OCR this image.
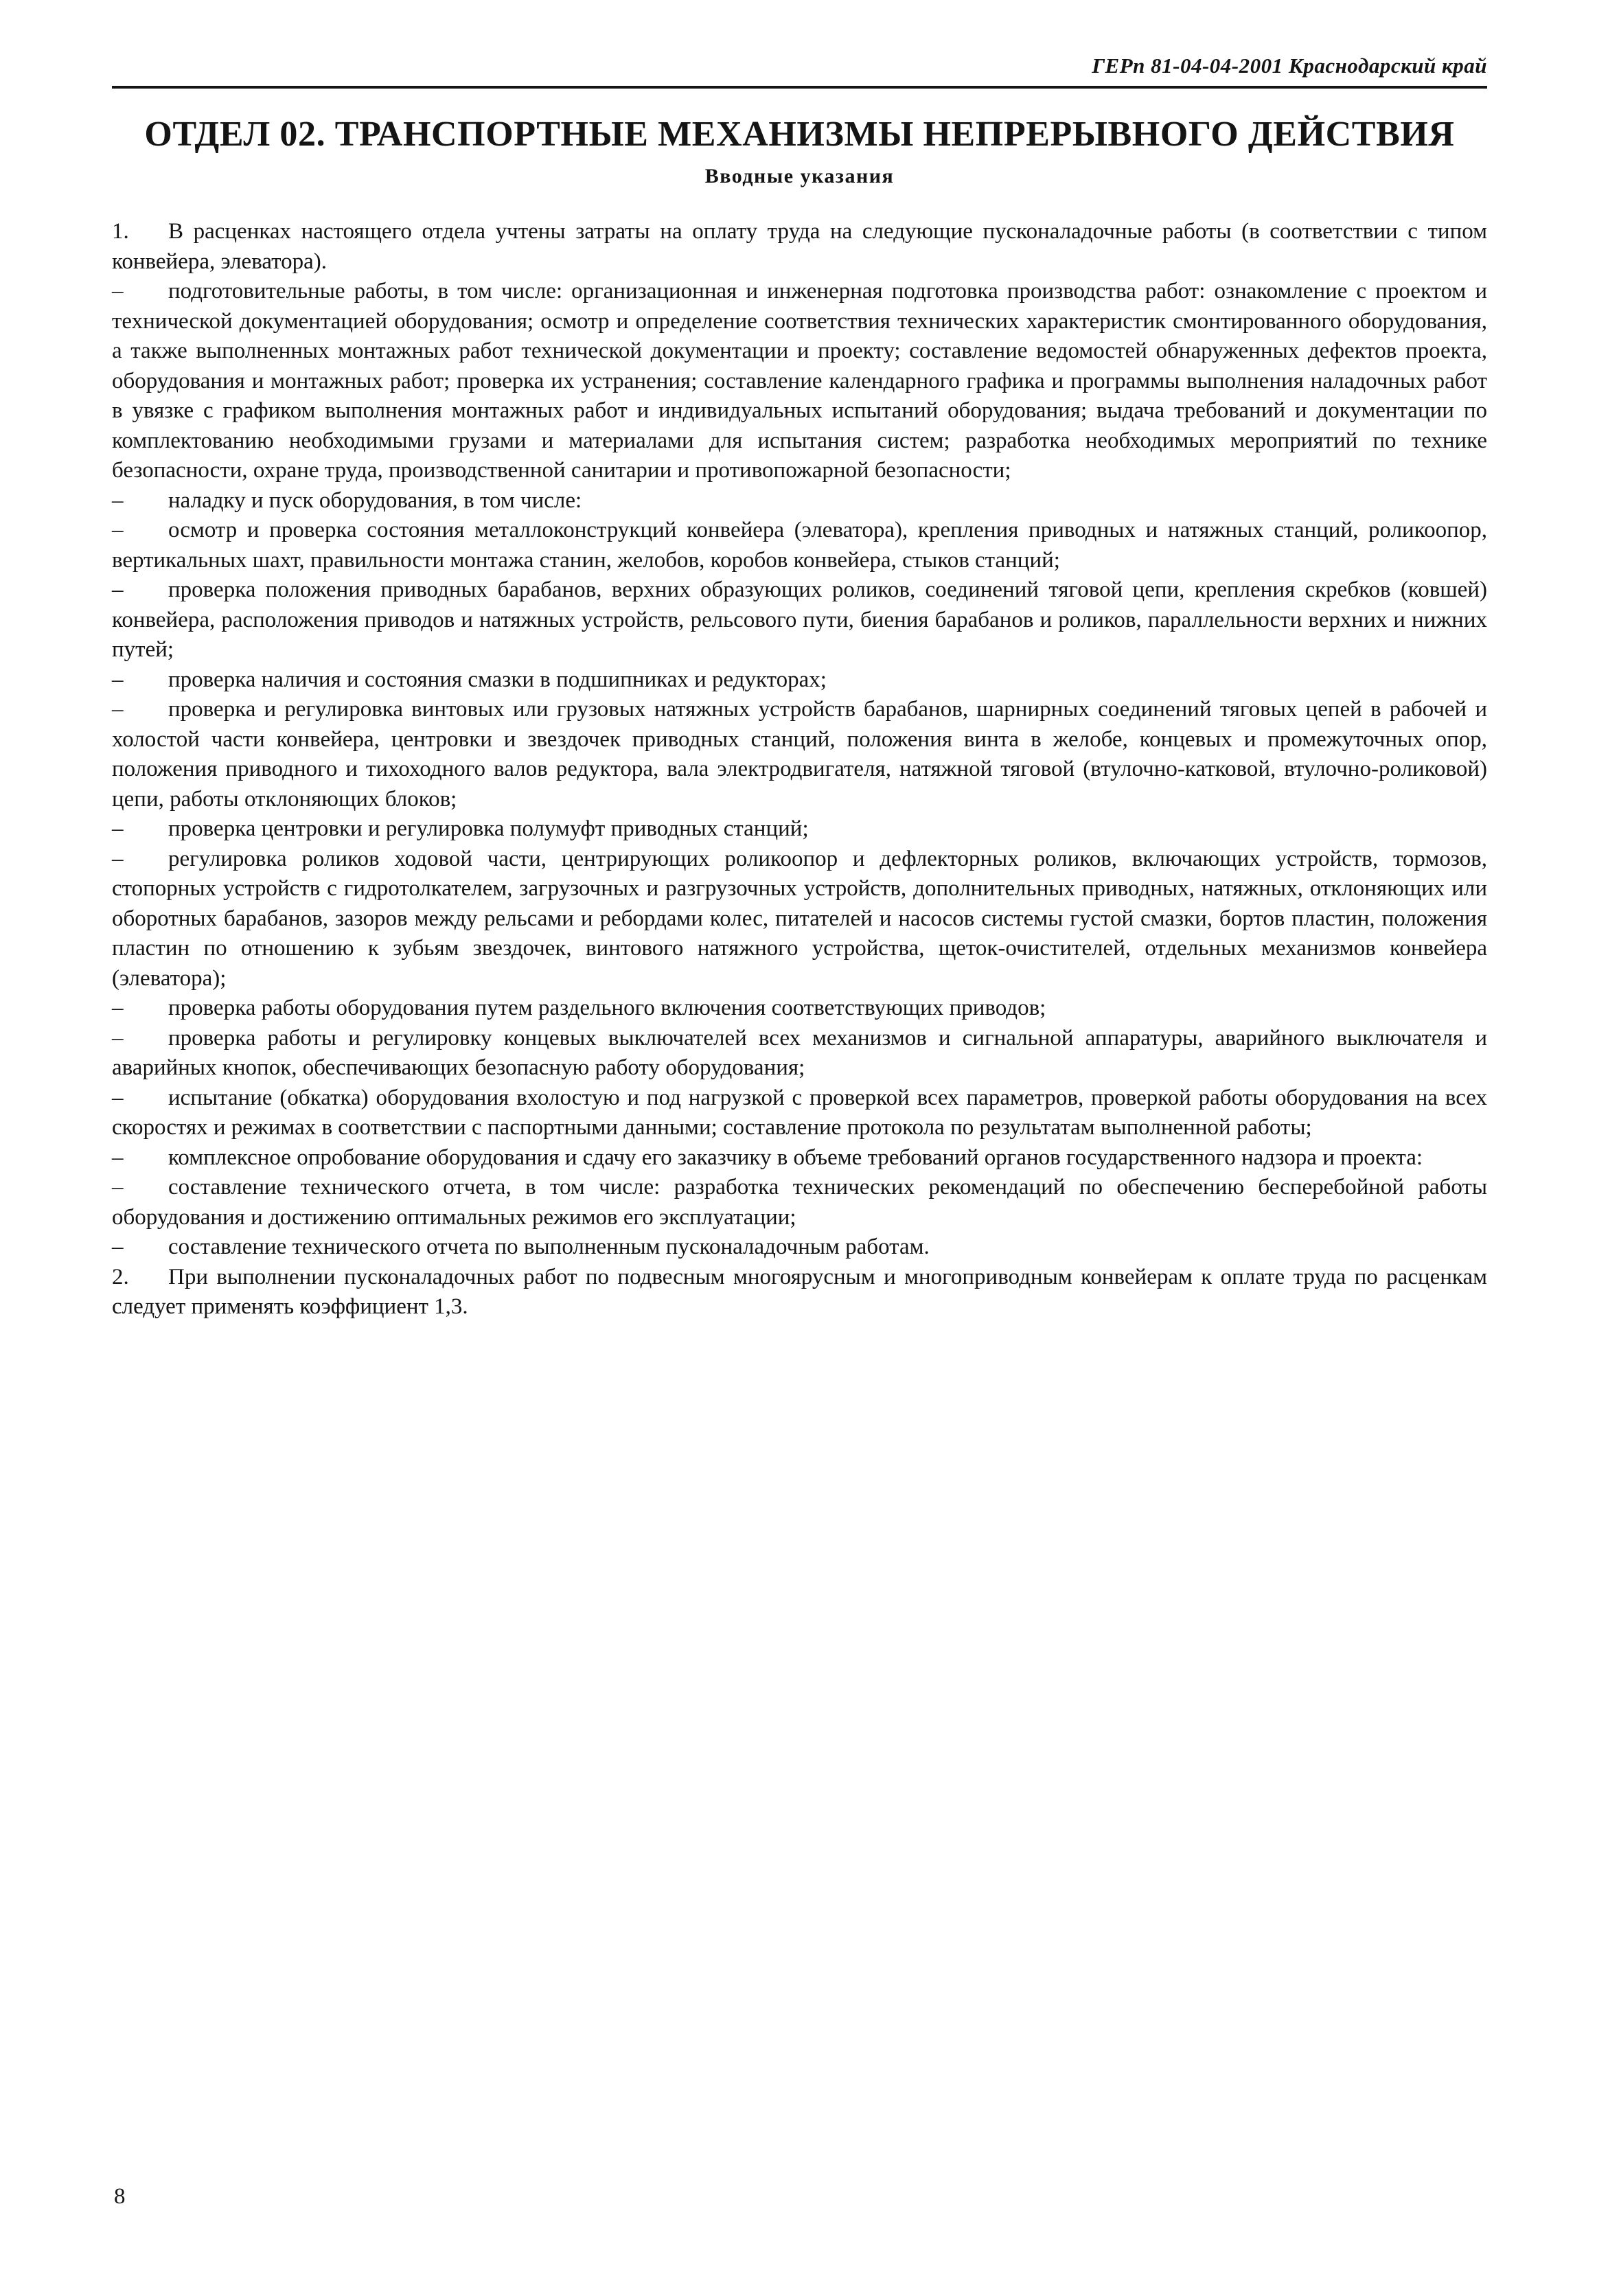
ГЕРп 81-04-04-2001 Краснодарский край
ОТДЕЛ 02. ТРАНСПОРТНЫЕ МЕХАНИЗМЫ НЕПРЕРЫВНОГО ДЕЙСТВИЯ
Вводные указания

1. В расценках настоящего отдела учтены затраты на оплату труда на следующие пусконаладочные работы (в соответствии с типом конвейера, элеватора).

– подготовительные работы, в том числе: организационная и инженерная подготовка производства работ: ознакомление с проектом и технической документацией оборудования; осмотр и определение соответствия технических характеристик смонтированного оборудования, а также выполненных монтажных работ технической документации и проекту; составление ведомостей обнаруженных дефектов проекта, оборудования и монтажных работ; проверка их устранения; составление календарного графика и программы выполнения наладочных работ в увязке с графиком выполнения монтажных работ и индивидуальных испытаний оборудования; выдача требований и документации по комплектованию необходимыми грузами и материалами для испытания систем; разработка необходимых мероприятий по технике безопасности, охране труда, производственной санитарии и противопожарной безопасности;

– наладку и пуск оборудования, в том числе:

– осмотр и проверка состояния металлоконструкций конвейера (элеватора), крепления приводных и натяжных станций, роликоопор, вертикальных шахт, правильности монтажа станин, желобов, коробов конвейера, стыков станций;

– проверка положения приводных барабанов, верхних образующих роликов, соединений тяговой цепи, крепления скребков (ковшей) конвейера, расположения приводов и натяжных устройств, рельсового пути, биения барабанов и роликов, параллельности верхних и нижних путей;

– проверка наличия и состояния смазки в подшипниках и редукторах;

– проверка и регулировка винтовых или грузовых натяжных устройств барабанов, шарнирных соединений тяговых цепей в рабочей и холостой части конвейера, центровки и звездочек приводных станций, положения винта в желобе, концевых и промежуточных опор, положения приводного и тихоходного валов редуктора, вала электродвигателя, натяжной тяговой (втулочно-катковой, втулочно-роликовой) цепи, работы отклоняющих блоков;

– проверка центровки и регулировка полумуфт приводных станций;

– регулировка роликов ходовой части, центрирующих роликоопор и дефлекторных роликов, включающих устройств, тормозов, стопорных устройств с гидротолкателем, загрузочных и разгрузочных устройств, дополнительных приводных, натяжных, отклоняющих или оборотных барабанов, зазоров между рельсами и ребордами колес, питателей и насосов системы густой смазки, бортов пластин, положения пластин по отношению к зубьям звездочек, винтового натяжного устройства, щеток-очистителей, отдельных механизмов конвейера (элеватора);

– проверка работы оборудования путем раздельного включения соответствующих приводов;

– проверка работы и регулировку концевых выключателей всех механизмов и сигнальной аппаратуры, аварийного выключателя и аварийных кнопок, обеспечивающих безопасную работу оборудования;

– испытание (обкатка) оборудования вхолостую и под нагрузкой с проверкой всех параметров, проверкой работы оборудования на всех скоростях и режимах в соответствии с паспортными данными; составление протокола по результатам выполненной работы;

– комплексное опробование оборудования и сдачу его заказчику в объеме требований органов государственного надзора и проекта:

– составление технического отчета, в том числе: разработка технических рекомендаций по обеспечению бесперебойной работы оборудования и достижению оптимальных режимов его эксплуатации;

– составление технического отчета по выполненным пусконаладочным работам.

2. При выполнении пусконаладочных работ по подвесным многоярусным и многоприводным конвейерам к оплате труда по расценкам следует применять коэффициент 1,3.

8
